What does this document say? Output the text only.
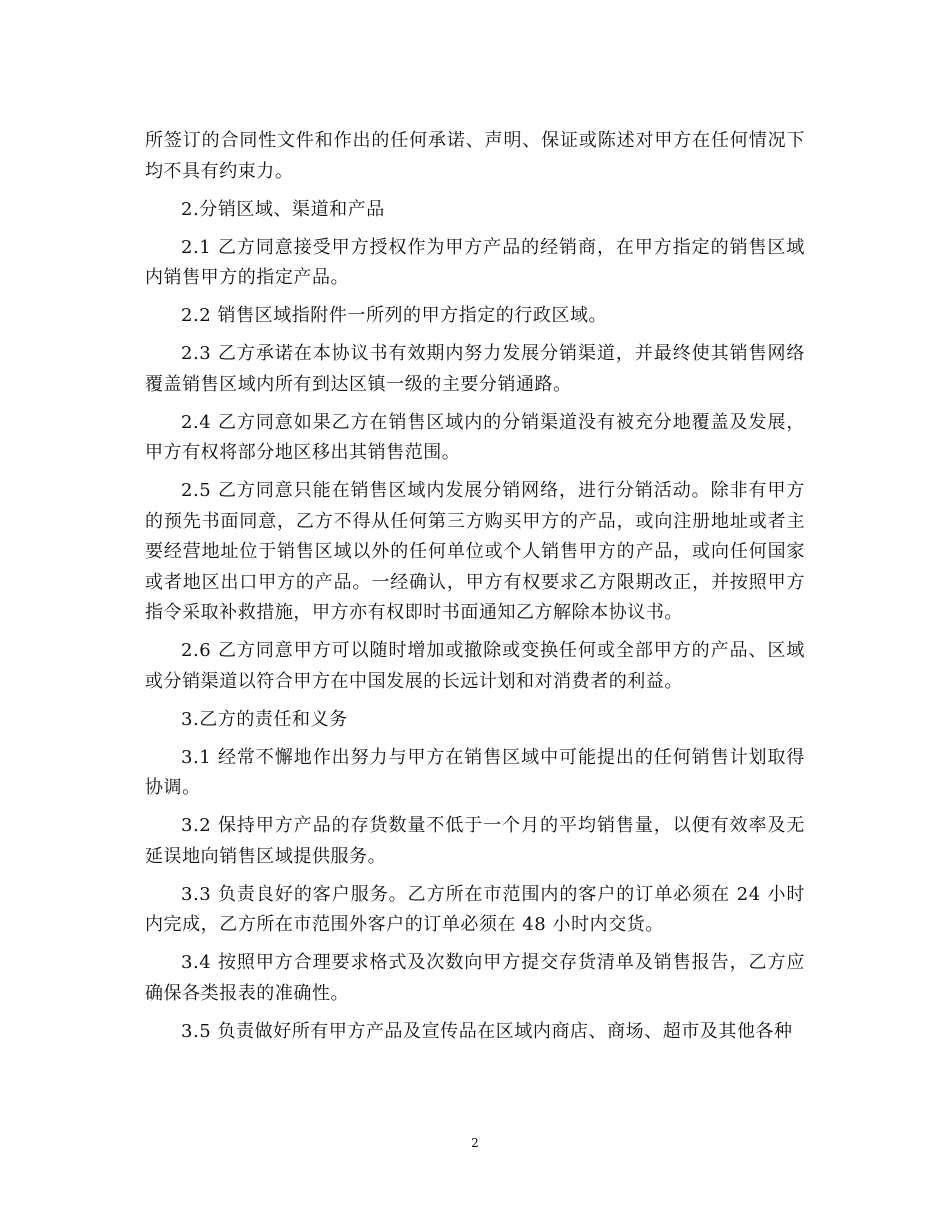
所签订的合同性文件和作出的任何承诺、声明、保证或陈述对甲方在任何情况下均不具有约束力。

2.分销区域、渠道和产品

2.1 乙方同意接受甲方授权作为甲方产品的经销商，在甲方指定的销售区域内销售甲方的指定产品。

2.2 销售区域指附件一所列的甲方指定的行政区域。

2.3 乙方承诺在本协议书有效期内努力发展分销渠道，并最终使其销售网络覆盖销售区域内所有到达区镇一级的主要分销通路。

2.4 乙方同意如果乙方在销售区域内的分销渠道没有被充分地覆盖及发展，甲方有权将部分地区移出其销售范围。

2.5 乙方同意只能在销售区域内发展分销网络，进行分销活动。除非有甲方的预先书面同意，乙方不得从任何第三方购买甲方的产品，或向注册地址或者主要经营地址位于销售区域以外的任何单位或个人销售甲方的产品，或向任何国家或者地区出口甲方的产品。一经确认，甲方有权要求乙方限期改正，并按照甲方指令采取补救措施，甲方亦有权即时书面通知乙方解除本协议书。

2.6 乙方同意甲方可以随时增加或撤除或变换任何或全部甲方的产品、区域或分销渠道以符合甲方在中国发展的长远计划和对消费者的利益。

3.乙方的责任和义务

3.1 经常不懈地作出努力与甲方在销售区域中可能提出的任何销售计划取得协调。

3.2 保持甲方产品的存货数量不低于一个月的平均销售量，以便有效率及无延误地向销售区域提供服务。

3.3 负责良好的客户服务。乙方所在市范围内的客户的订单必须在 24 小时内完成，乙方所在市范围外客户的订单必须在 48 小时内交货。

3.4 按照甲方合理要求格式及次数向甲方提交存货清单及销售报告，乙方应确保各类报表的准确性。

3.5 负责做好所有甲方产品及宣传品在区域内商店、商场、超市及其他各种

2
